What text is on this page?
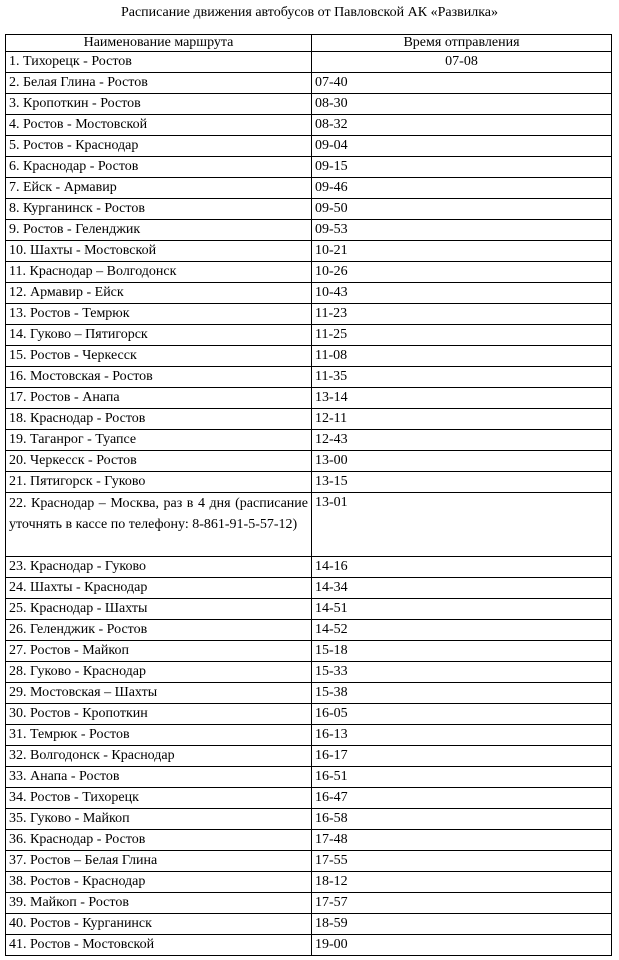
Расписание движения автобусов от Павловской АК «Развилка»
Наименование маршрута	Время отправления
1. Тихорецк - Ростов	07-08
2. Белая Глина - Ростов	07-40
3. Кропоткин - Ростов	08-30
4. Ростов - Мостовской	08-32
5. Ростов - Краснодар	09-04
6. Краснодар - Ростов	09-15
7. Ейск - Армавир	09-46
8. Курганинск - Ростов	09-50
9. Ростов - Геленджик	09-53
10. Шахты - Мостовской	10-21
11. Краснодар – Волгодонск	10-26
12. Армавир - Ейск	10-43
13. Ростов - Темрюк	11-23
14. Гуково – Пятигорск	11-25
15. Ростов - Черкесск	11-08
16. Мостовская - Ростов	11-35
17. Ростов - Анапа	13-14
18. Краснодар - Ростов	12-11
19. Таганрог - Туапсе	12-43
20. Черкесск - Ростов	13-00
21. Пятигорск - Гуково	13-15
22. Краснодар – Москва, раз в 4 дня (расписание уточнять в кассе по телефону: 8-861-91-5-57-12)	13-01
23. Краснодар - Гуково	14-16
24. Шахты - Краснодар	14-34
25. Краснодар - Шахты	14-51
26. Геленджик - Ростов	14-52
27. Ростов - Майкоп	15-18
28. Гуково - Краснодар	15-33
29. Мостовская – Шахты	15-38
30. Ростов - Кропоткин	16-05
31. Темрюк - Ростов	16-13
32. Волгодонск - Краснодар	16-17
33. Анапа - Ростов	16-51
34. Ростов - Тихорецк	16-47
35. Гуково - Майкоп	16-58
36. Краснодар - Ростов	17-48
37. Ростов – Белая Глина	17-55
38. Ростов - Краснодар	18-12
39. Майкоп - Ростов	17-57
40. Ростов - Курганинск	18-59
41. Ростов - Мостовской	19-00
